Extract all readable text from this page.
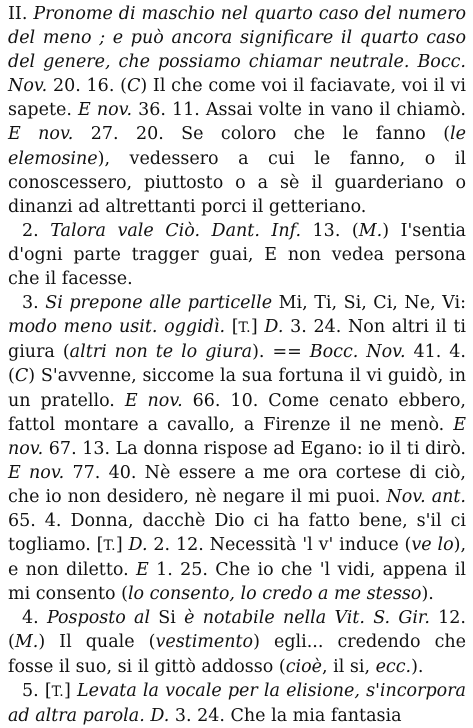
II. Pronome di maschio nel quarto caso del numero del meno ; e può ancora significare il quarto caso del genere, che possiamo chiamar neutrale. Bocc. Nov. 20. 16. (C) Il che come voi il faciavate, voi il vi sapete. E nov. 36. 11. Assai volte in vano il chiamò. E nov. 27. 20. Se coloro che le fanno (le elemosine), vedessero a cui le fanno, o il conoscessero, piuttosto o a sè il guarderiano o dinanzi ad altrettanti porci il getteriano.

2. Talora vale Ciò. Dant. Inf. 13. (M.) I'sentia d'ogni parte tragger guai, E non vedea persona che il facesse.

3. Si prepone alle particelle Mi, Ti, Si, Ci, Ne, Vi: modo meno usit. oggidì. [T.] D. 3. 24. Non altri il ti giura (altri non te lo giura). == Bocc. Nov. 41. 4. (C) S'avvenne, siccome la sua fortuna il vi guidò, in un pratello. E nov. 66. 10. Come cenato ebbero, fattol montare a cavallo, a Firenze il ne menò. E nov. 67. 13. La donna rispose ad Egano: io il ti dirò. E nov. 77. 40. Nè essere a me ora cortese di ciò, che io non desidero, nè negare il mi puoi. Nov. ant. 65. 4. Donna, dacchè Dio ci ha fatto bene, s'il ci togliamo. [T.] D. 2. 12. Necessità 'l v' induce (ve lo), e non diletto. E 1. 25. Che io che 'l vidi, appena il mi consento (lo consento, lo credo a me stesso).

4. Posposto al Si è notabile nella Vit. S. Gir. 12. (M.) Il quale (vestimento) egli... credendo che fosse il suo, si il gittò addosso (cioè, il si, ecc.).

5. [T.] Levata la vocale per la elisione, s'incorpora ad altra parola. D. 3. 24. Che la mia fantasia
